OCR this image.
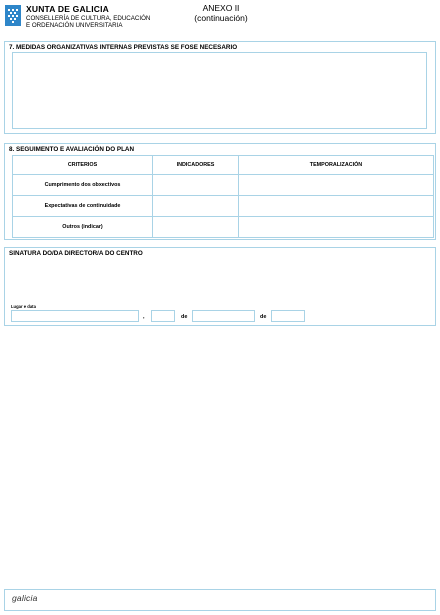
XUNTA DE GALICIA
CONSELLERÍA DE CULTURA, EDUCACIÓN
E ORDENACIÓN UNIVERSITARIA
ANEXO II
(continuación)
7. MEDIDAS ORGANIZATIVAS INTERNAS PREVISTAS SE FOSE NECESARIO
8. SEGUIMENTO E AVALIACIÓN DO PLAN
CRITERIOS	INDICADORES	TEMPORALIZACIÓN
Cumprimento dos obxectivos		
Expectativas de continuidade		
Outros (indicar)		
SINATURA DO/DA DIRECTOR/A DO CENTRO
Lugar e data
,	de	de
galicia
